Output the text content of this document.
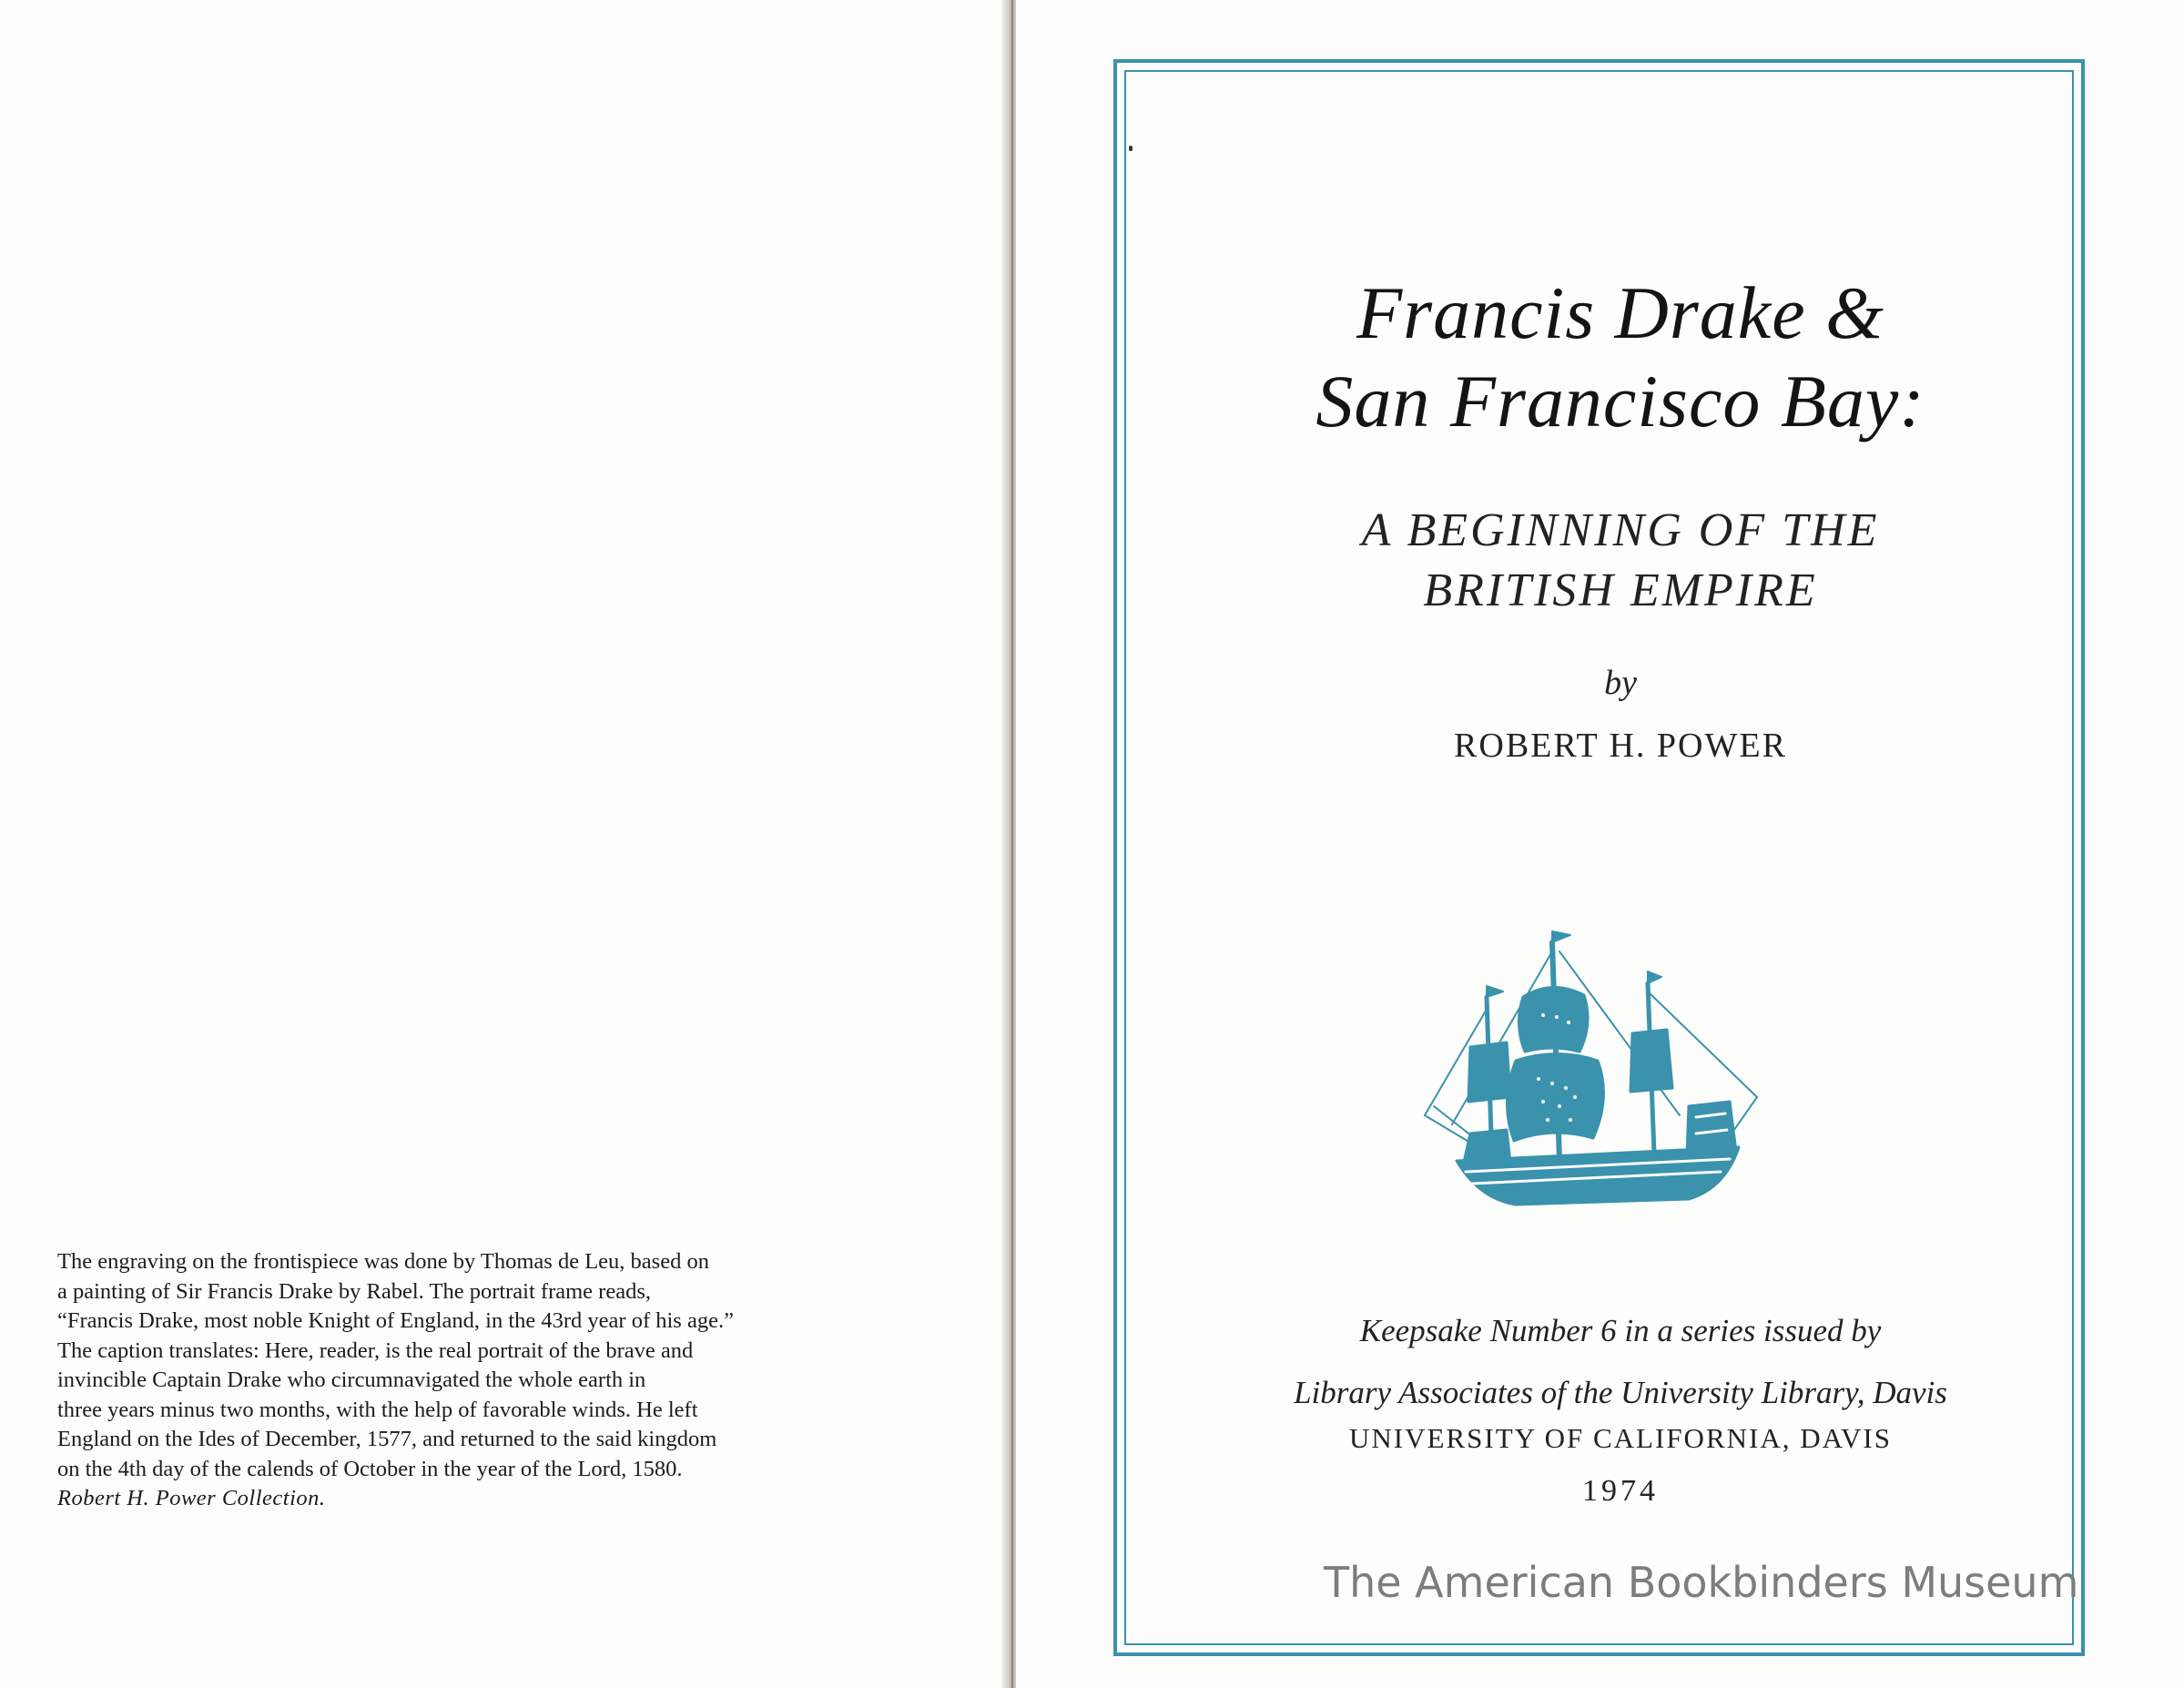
The engraving on the frontispiece was done by Thomas de Leu, based on
a painting of Sir Francis Drake by Rabel. The portrait frame reads,
“Francis Drake, most noble Knight of England, in the 43rd year of his age.”
The caption translates: Here, reader, is the real portrait of the brave and
invincible Captain Drake who circumnavigated the whole earth in
three years minus two months, with the help of favorable winds. He left
England on the Ides of December, 1577, and returned to the said kingdom
on the 4th day of the calends of October in the year of the Lord, 1580.
Robert H. Power Collection.
Francis Drake &
San Francisco Bay:
A BEGINNING OF THE
BRITISH EMPIRE
by
ROBERT H. POWER
Keepsake Number 6 in a series issued by
Library Associates of the University Library, Davis
UNIVERSITY OF CALIFORNIA, DAVIS
1974
The American Bookbinders Museum
